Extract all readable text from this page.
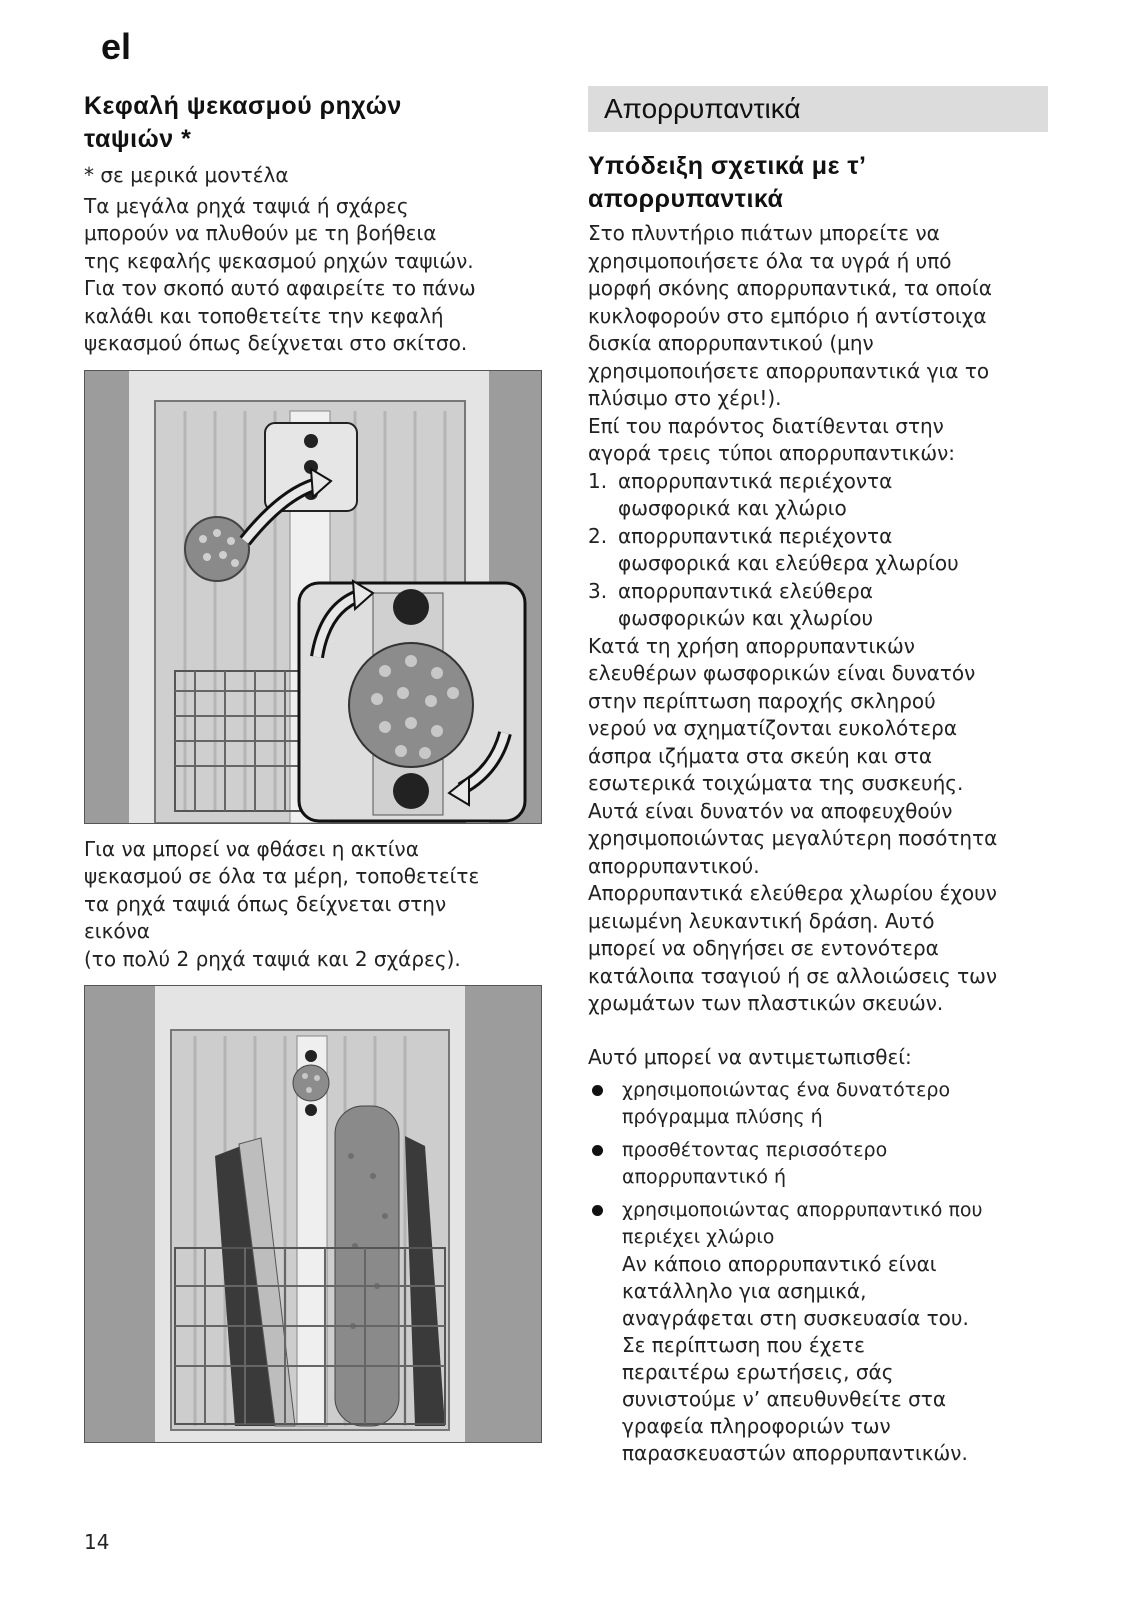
el
Κεφαλή ψεκασμού ρηχών
ταψιών *

* σε μερικά μοντέλα

Τα μεγάλα ρηχά ταψιά ή σχάρες
μπορούν να πλυθούν με τη βοήθεια
της κεφαλής ψεκασμού ρηχών ταψιών.
Για τον σκοπό αυτό αφαιρείτε το πάνω
καλάθι και τοποθετείτε την κεφαλή
ψεκασμού όπως δείχνεται στο σκίτσο.

Για να μπορεί να φθάσει η ακτίνα
ψεκασμού σε όλα τα μέρη, τοποθετείτε
τα ρηχά ταψιά όπως δείχνεται στην
εικόνα
(το πολύ 2 ρηχά ταψιά και 2 σχάρες).

Απορρυπαντικά
Υπόδειξη σχετικά με τ’
απορρυπαντικά

Στο πλυντήριο πιάτων μπορείτε να
χρησιμοποιήσετε όλα τα υγρά ή υπό
μορφή σκόνης απορρυπαντικά, τα οποία
κυκλοφορούν στο εμπόριο ή αντίστοιχα
δισκία απορρυπαντικού (μην
χρησιμοποιήσετε απορρυπαντικά για το
πλύσιμο στο χέρι!).
Επί του παρόντος διατίθενται στην
αγορά τρεις τύποι απορρυπαντικών:

1. απορρυπαντικά περιέχοντα
φωσφορικά και χλώριο
2. απορρυπαντικά περιέχοντα
φωσφορικά και ελεύθερα χλωρίου
3. απορρυπαντικά ελεύθερα
φωσφορικών και χλωρίου

Κατά τη χρήση απορρυπαντικών
ελευθέρων φωσφορικών είναι δυνατόν
στην περίπτωση παροχής σκληρού
νερού να σχηματίζονται ευκολότερα
άσπρα ιζήματα στα σκεύη και στα
εσωτερικά τοιχώματα της συσκευής.
Αυτά είναι δυνατόν να αποφευχθούν
χρησιμοποιώντας μεγαλύτερη ποσότητα
απορρυπαντικού.
Απορρυπαντικά ελεύθερα χλωρίου έχουν
μειωμένη λευκαντική δράση. Αυτό
μπορεί να οδηγήσει σε εντονότερα
κατάλοιπα τσαγιού ή σε αλλοιώσεις των
χρωμάτων των πλαστικών σκευών.

Αυτό μπορεί να αντιμετωπισθεί:

χρησιμοποιώντας ένα δυνατότερο
πρόγραμμα πλύσης ή
προσθέτοντας περισσότερο
απορρυπαντικό ή
χρησιμοποιώντας απορρυπαντικό που
περιέχει χλώριο

Αν κάποιο απορρυπαντικό είναι
κατάλληλο για ασημικά,
αναγράφεται στη συσκευασία του.
Σε περίπτωση που έχετε
περαιτέρω ερωτήσεις, σάς
συνιστούμε ν’ απευθυνθείτε στα
γραφεία πληροφοριών των
παρασκευαστών απορρυπαντικών.

14
